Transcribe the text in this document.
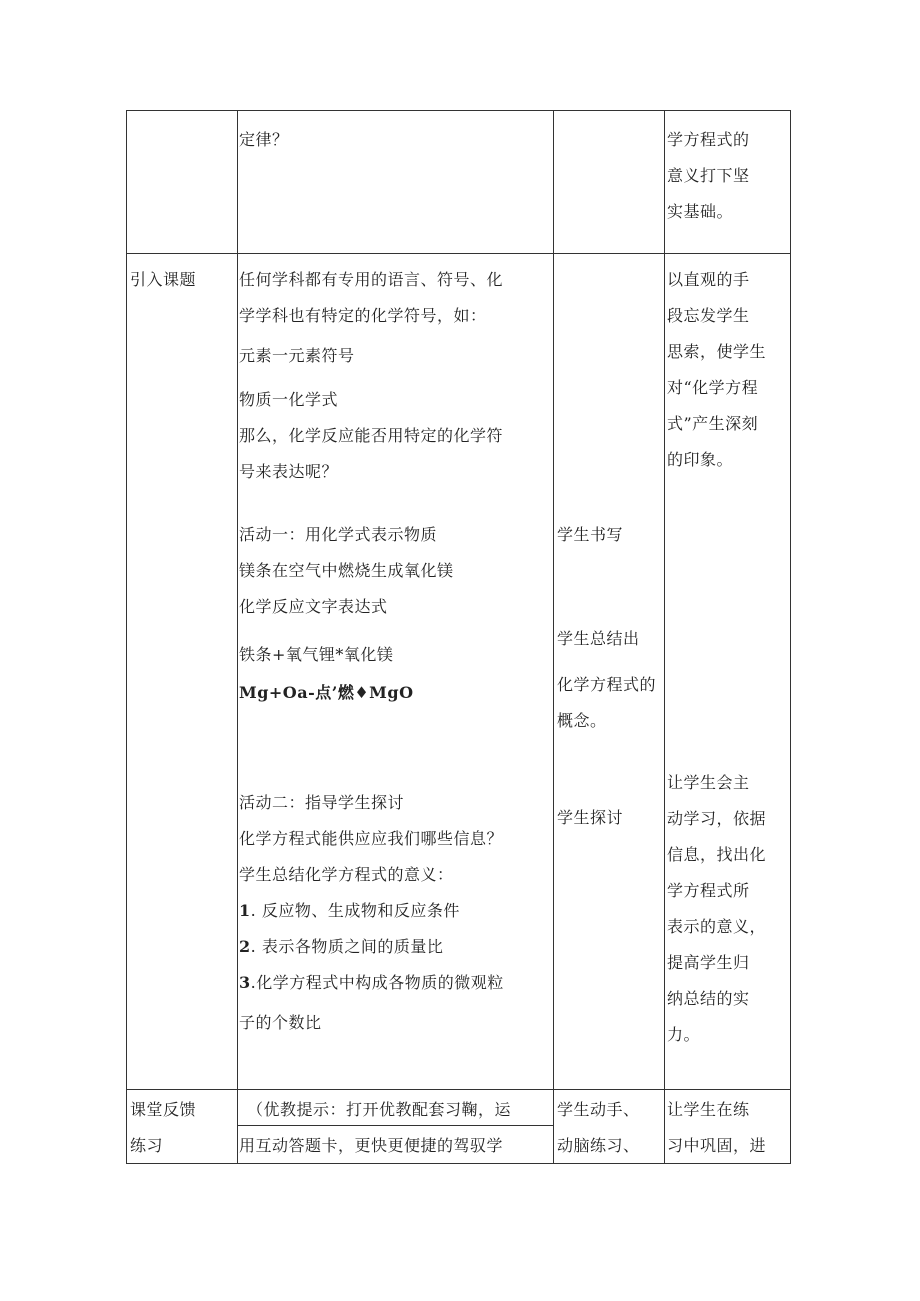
定律？	学方程式的

意义打下坚

实基础。

引入课题	任何学科都有专用的语言、符号、化

学学科也有特定的化学符号，如：

元素一元素符号

物质一化学式

那么，化学反应能否用特定的化学符

号来表达呢？

活动一：用化学式表示物质

镁条在空气中燃烧生成氧化镁

化学反应文字表达式

铁条+氧气锂*氧化镁

Mg+Oa-点’燃♦MgO

活动二：指导学生探讨

化学方程式能供应应我们哪些信息？

学生总结化学方程式的意义：

1. 反应物、生成物和反应条件

2. 表示各物质之间的质量比

3.化学方程式中构成各物质的微观粒

子的个数比

学生书写

学生总结出

化学方程式的

概念。

学生探讨

以直观的手

段忘发学生

思索，使学生

对“化学方程

式”产生深刻

的印象。

让学生会主

动学习，依据

信息，找出化

学方程式所

表示的意义，

提高学生归

纳总结的实

力。

课堂反馈

练习

（优教提示：打开优教配套习鞠，运

用互动答题卡，更快更便捷的驾驭学

学生动手、

动脑练习、

让学生在练

习中巩固，进
